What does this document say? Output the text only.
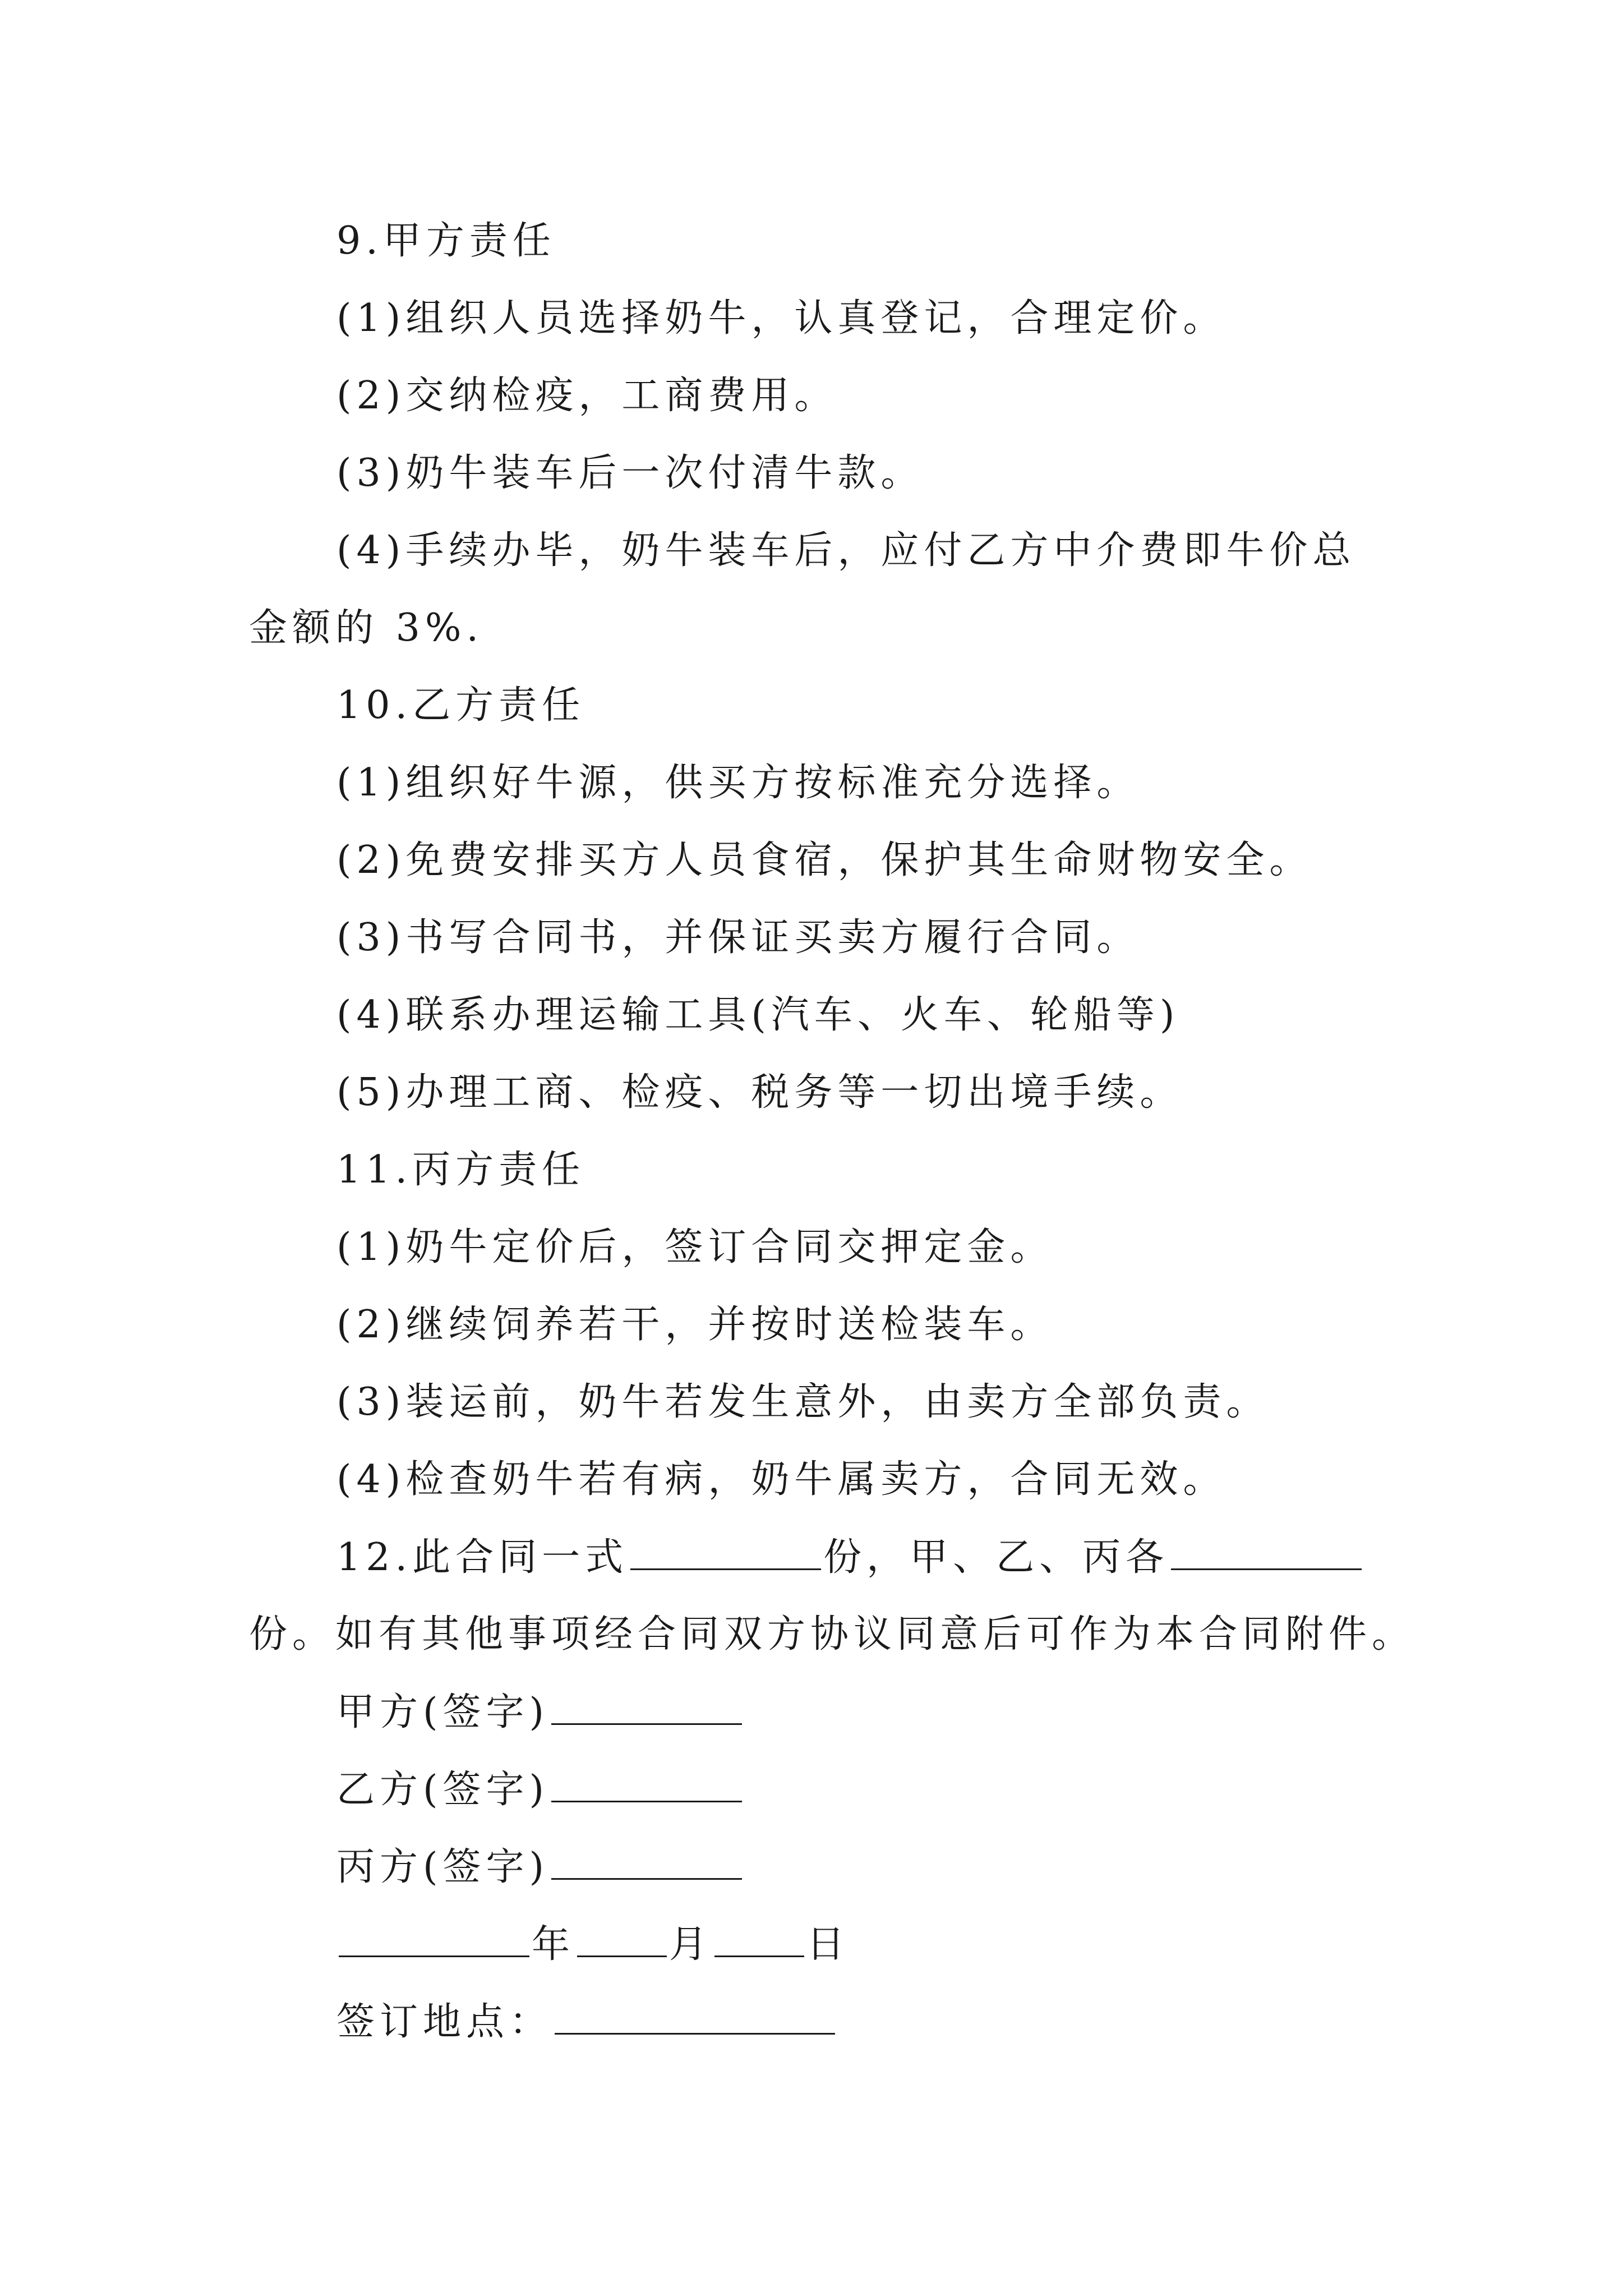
9.甲方责任
(1)组织人员选择奶牛，认真登记，合理定价。
(2)交纳检疫，工商费用。
(3)奶牛装车后一次付清牛款。
(4)手续办毕，奶牛装车后，应付乙方中介费即牛价总
金额的 3%.
10.乙方责任
(1)组织好牛源，供买方按标准充分选择。
(2)免费安排买方人员食宿，保护其生命财物安全。
(3)书写合同书，并保证买卖方履行合同。
(4)联系办理运输工具(汽车、火车、轮船等)
(5)办理工商、检疫、税务等一切出境手续。
11.丙方责任
(1)奶牛定价后，签订合同交押定金。
(2)继续饲养若干，并按时送检装车。
(3)装运前，奶牛若发生意外，由卖方全部负责。
(4)检查奶牛若有病，奶牛属卖方，合同无效。
12.此合同一式	份，甲、乙、丙各
份。如有其他事项经合同双方协议同意后可作为本合同附件。
甲方(签字)
乙方(签字)
丙方(签字)
年 月 日
签订地点：
